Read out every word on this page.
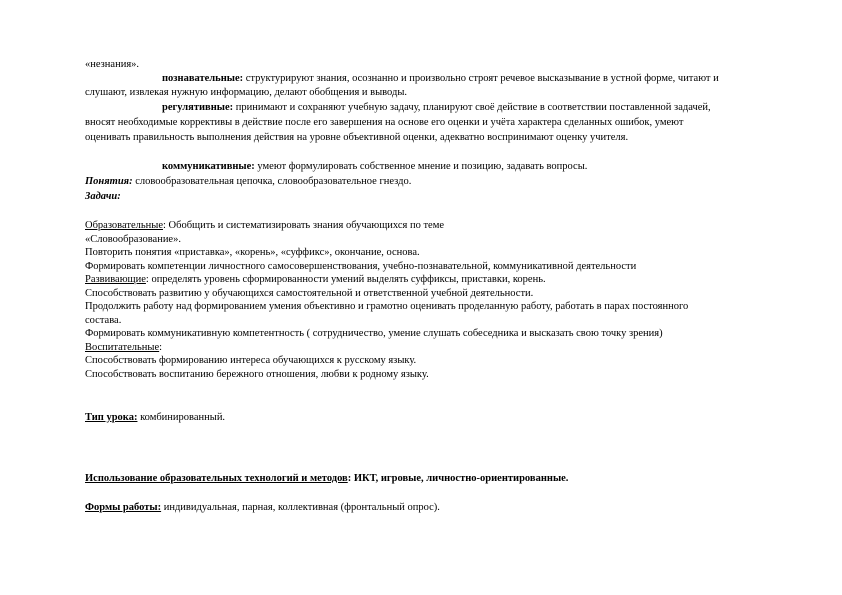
«незнания».
познавательные: структурируют знания, осознанно и произвольно строят речевое высказывание в устной форме, читают и
слушают, извлекая нужную информацию, делают обобщения и выводы.
регулятивные: принимают и сохраняют учебную задачу, планируют своё действие в соответствии поставленной задачей,
вносят необходимые коррективы в действие после его завершения на основе его оценки и учёта характера сделанных ошибок, умеют
оценивать правильность выполнения действия на уровне объективной оценки, адекватно воспринимают оценку учителя.
коммуникативные: умеют формулировать собственное мнение и позицию, задавать вопросы.
Понятия: словообразовательная цепочка, словообразовательное гнездо.
Задачи:
Образовательные: Обобщить и систематизировать знания обучающихся по теме
«Словообразование».
Повторить понятия «приставка», «корень», «суффикс», окончание, основа.
Формировать компетенции личностного самосовершенствования, учебно-познавательной, коммуникативной деятельности
Развивающие: определять уровень сформированности умений выделять суффиксы, приставки, корень.
Способствовать развитию у обучающихся самостоятельной и ответственной учебной деятельности.
Продолжить работу над формированием умения объективно и грамотно оценивать проделанную работу, работать в парах постоянного
состава.
Формировать коммуникативную компетентность ( сотрудничество, умение слушать собеседника и высказать свою точку зрения)
Воспитательные:
Способствовать формированию интереса обучающихся к русскому языку.
Способствовать воспитанию бережного отношения, любви к родному языку.
Тип урока: комбинированный.
Использование образовательных технологий и методов: ИКТ, игровые, личностно-ориентированные.
Формы работы: индивидуальная, парная, коллективная (фронтальный опрос).
